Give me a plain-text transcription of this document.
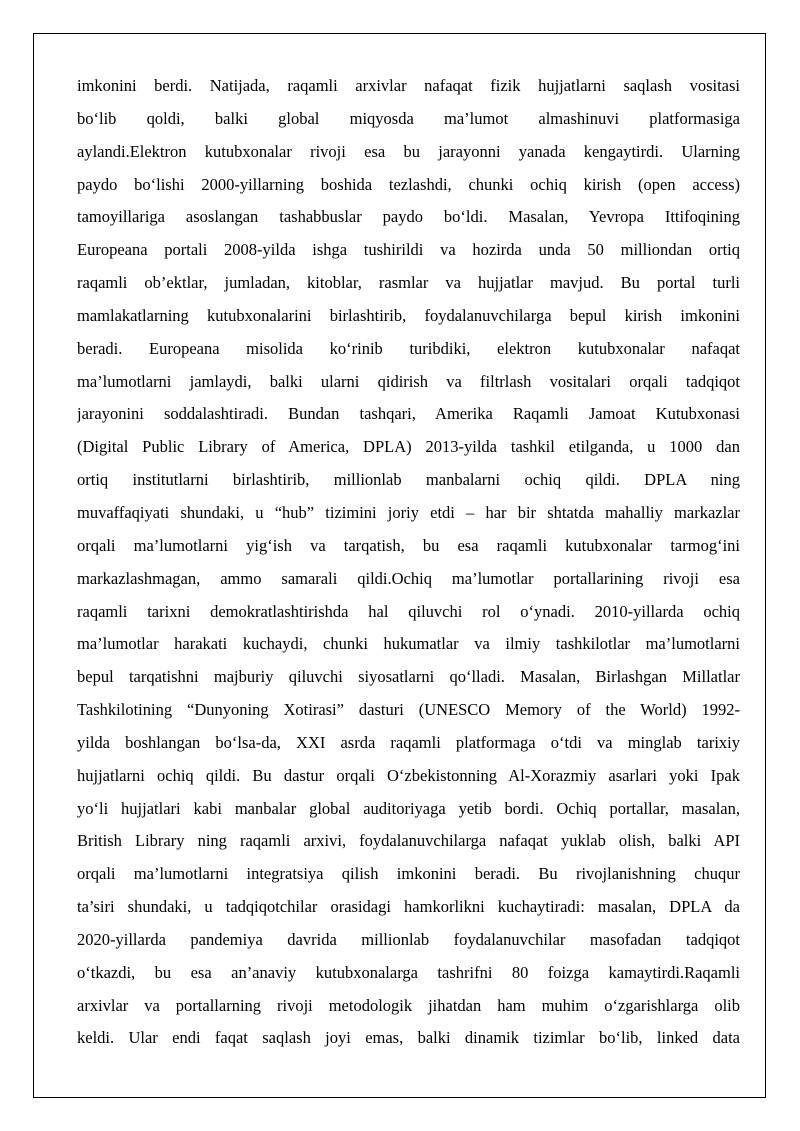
imkonini berdi. Natijada, raqamli arxivlar nafaqat fizik hujjatlarni saqlash vositasi
bo‘lib qoldi, balki global miqyosda ma’lumot almashinuvi platformasiga
aylandi.Elektron kutubxonalar rivoji esa bu jarayonni yanada kengaytirdi. Ularning
paydo bo‘lishi 2000-yillarning boshida tezlashdi, chunki ochiq kirish (open access)
tamoyillariga asoslangan tashabbuslar paydo bo‘ldi. Masalan, Yevropa Ittifoqining
Europeana portali 2008-yilda ishga tushirildi va hozirda unda 50 milliondan ortiq
raqamli ob’ektlar, jumladan, kitoblar, rasmlar va hujjatlar mavjud. Bu portal turli
mamlakatlarning kutubxonalarini birlashtirib, foydalanuvchilarga bepul kirish imkonini
beradi. Europeana misolida ko‘rinib turibdiki, elektron kutubxonalar nafaqat
ma’lumotlarni jamlaydi, balki ularni qidirish va filtrlash vositalari orqali tadqiqot
jarayonini soddalashtiradi. Bundan tashqari, Amerika Raqamli Jamoat Kutubxonasi
(Digital Public Library of America, DPLA) 2013-yilda tashkil etilganda, u 1000 dan
ortiq institutlarni birlashtirib, millionlab manbalarni ochiq qildi. DPLA ning
muvaffaqiyati shundaki, u “hub” tizimini joriy etdi – har bir shtatda mahalliy markazlar
orqali ma’lumotlarni yig‘ish va tarqatish, bu esa raqamli kutubxonalar tarmog‘ini
markazlashmagan, ammo samarali qildi.Ochiq ma’lumotlar portallarining rivoji esa
raqamli tarixni demokratlashtirishda hal qiluvchi rol o‘ynadi. 2010-yillarda ochiq
ma’lumotlar harakati kuchaydi, chunki hukumatlar va ilmiy tashkilotlar ma’lumotlarni
bepul tarqatishni majburiy qiluvchi siyosatlarni qo‘lladi. Masalan, Birlashgan Millatlar
Tashkilotining “Dunyoning Xotirasi” dasturi (UNESCO Memory of the World) 1992-
yilda boshlangan bo‘lsa-da, XXI asrda raqamli platformaga o‘tdi va minglab tarixiy
hujjatlarni ochiq qildi. Bu dastur orqali O‘zbekistonning Al-Xorazmiy asarlari yoki Ipak
yo‘li hujjatlari kabi manbalar global auditoriyaga yetib bordi. Ochiq portallar, masalan,
British Library ning raqamli arxivi, foydalanuvchilarga nafaqat yuklab olish, balki API
orqali ma’lumotlarni integratsiya qilish imkonini beradi. Bu rivojlanishning chuqur
ta’siri shundaki, u tadqiqotchilar orasidagi hamkorlikni kuchaytiradi: masalan, DPLA da
2020-yillarda pandemiya davrida millionlab foydalanuvchilar masofadan tadqiqot
o‘tkazdi, bu esa an’anaviy kutubxonalarga tashrifni 80 foizga kamaytirdi.Raqamli
arxivlar va portallarning rivoji metodologik jihatdan ham muhim o‘zgarishlarga olib
keldi. Ular endi faqat saqlash joyi emas, balki dinamik tizimlar bo‘lib, linked data
